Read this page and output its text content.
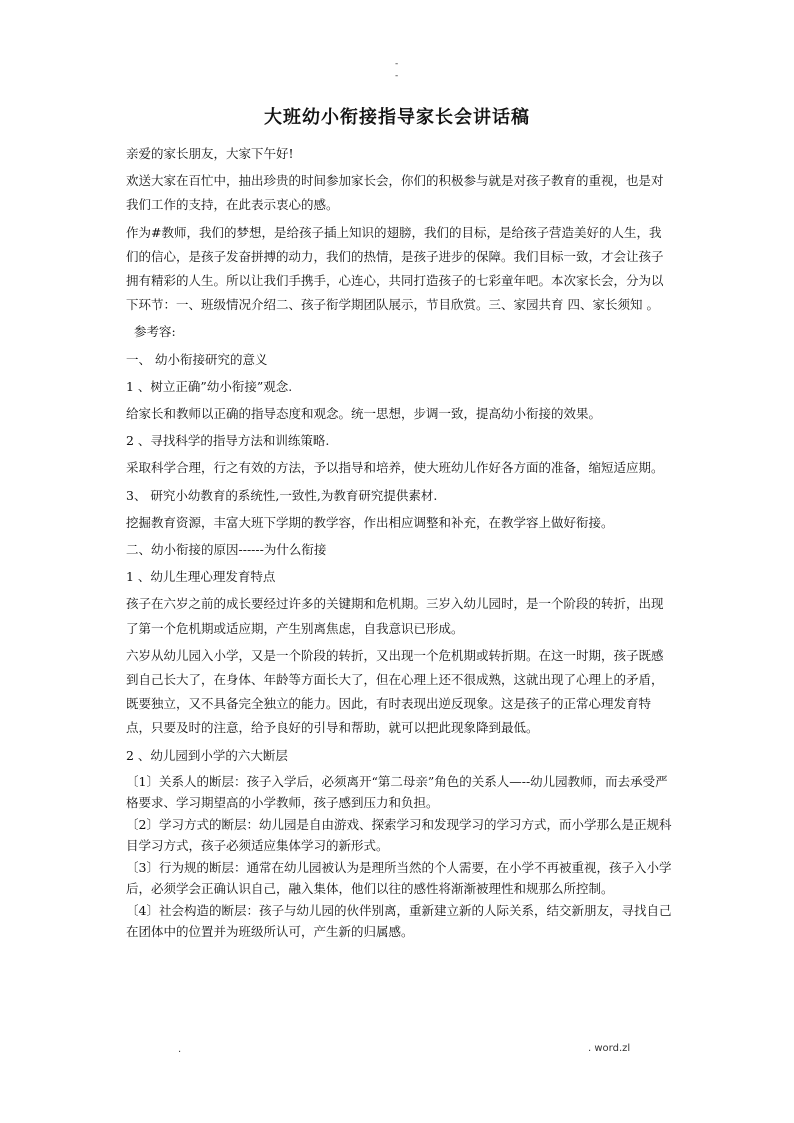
-
-
大班幼小衔接指导家长会讲话稿

亲爱的家长朋友，大家下午好!

欢送大家在百忙中，抽出珍贵的时间参加家长会，你们的积极参与就是对孩子教育的重视，也是对我们工作的支持，在此表示衷心的感。

作为#教师，我们的梦想，是给孩子插上知识的翅膀，我们的目标，是给孩子营造美好的人生，我们的信心，是孩子发奋拼搏的动力，我们的热情，是孩子进步的保障。我们目标一致，才会让孩子拥有精彩的人生。所以让我们手携手，心连心，共同打造孩子的七彩童年吧。本次家长会，分为以下环节：一、班级情况介绍二、孩子衔学期团队展示，节目欣赏。三、家园共育 四、家长须知 。

参考容:

一、 幼小衔接研究的意义

1 、树立正确”幼小衔接”观念.

给家长和教师以正确的指导态度和观念。统一思想，步调一致，提高幼小衔接的效果。

2 、寻找科学的指导方法和训练策略.

采取科学合理，行之有效的方法，予以指导和培养，使大班幼儿作好各方面的准备，缩短适应期。

3、 研究小幼教育的系统性,一致性,为教育研究提供素材.

挖掘教育资源，丰富大班下学期的教学容，作出相应调整和补充，在教学容上做好衔接。

二、幼小衔接的原因------为什么衔接

1 、幼儿生理心理发育特点

孩子在六岁之前的成长要经过许多的关键期和危机期。三岁入幼儿园时，是一个阶段的转折，出现了第一个危机期或适应期，产生别离焦虑，自我意识已形成。

六岁从幼儿园入小学，又是一个阶段的转折，又出现一个危机期或转折期。在这一时期，孩子既感到自己长大了，在身体、年龄等方面长大了，但在心理上还不很成熟，这就出现了心理上的矛盾，既要独立，又不具备完全独立的能力。因此，有时表现出逆反现象。这是孩子的正常心理发育特点，只要及时的注意，给予良好的引导和帮助，就可以把此现象降到最低。

2 、幼儿园到小学的六大断层

〔1〕关系人的断层：孩子入学后，必须离开“第二母亲”角色的关系人—--幼儿园教师，而去承受严格要求、学习期望高的小学教师，孩子感到压力和负担。

〔2〕学习方式的断层：幼儿园是自由游戏、探索学习和发现学习的学习方式，而小学那么是正规科目学习方式，孩子必须适应集体学习的新形式。

〔3〕行为规的断层：通常在幼儿园被认为是理所当然的个人需要，在小学不再被重视，孩子入小学后，必须学会正确认识自己，融入集体，他们以往的感性将渐渐被理性和规那么所控制。

〔4〕社会构造的断层：孩子与幼儿园的伙伴别离，重新建立新的人际关系，结交新朋友，寻找自己在团体中的位置并为班级所认可，产生新的归属感。

.	. word.zl
